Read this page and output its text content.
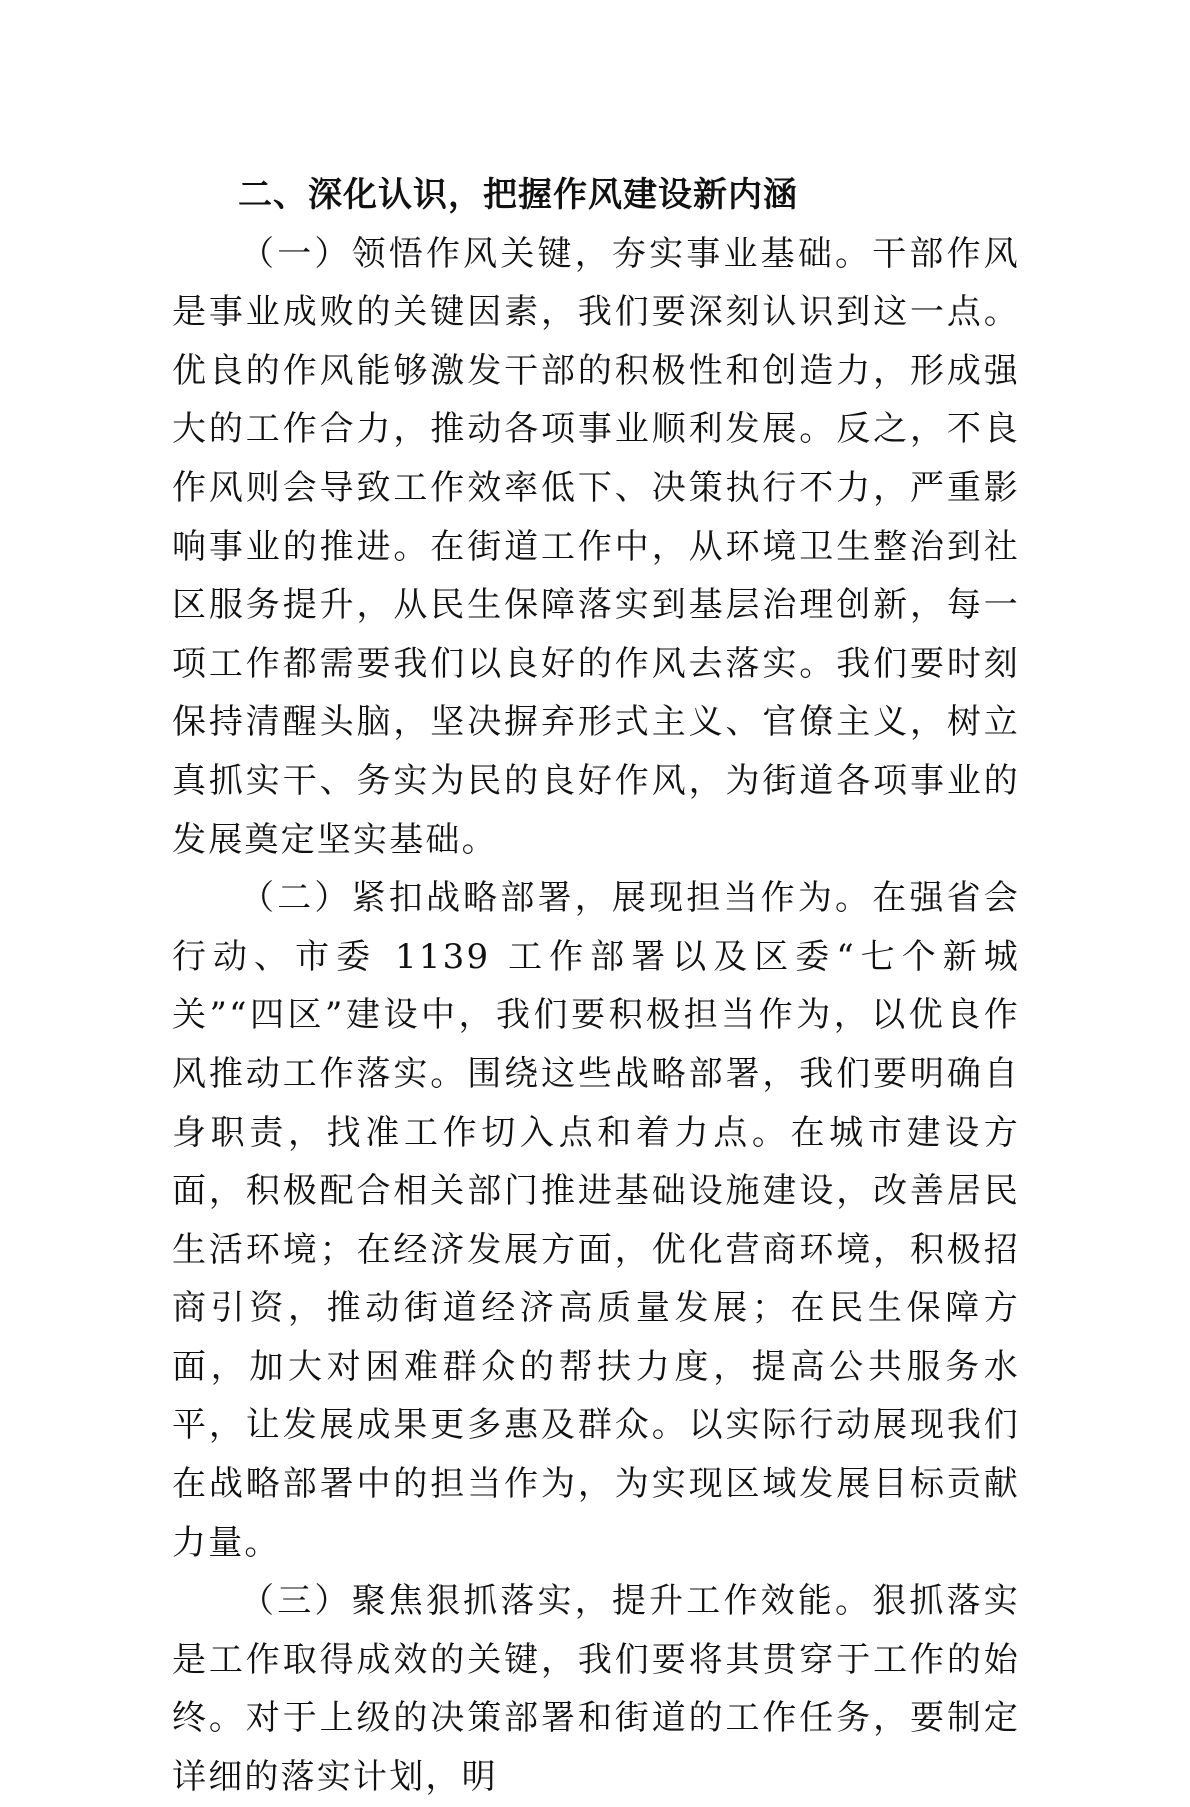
二、深化认识，把握作风建设新内涵

（一）领悟作风关键，夯实事业基础。干部作风是事业成败的关键因素，我们要深刻认识到这一点。优良的作风能够激发干部的积极性和创造力，形成强大的工作合力，推动各项事业顺利发展。反之，不良作风则会导致工作效率低下、决策执行不力，严重影响事业的推进。在街道工作中，从环境卫生整治到社区服务提升，从民生保障落实到基层治理创新，每一项工作都需要我们以良好的作风去落实。我们要时刻保持清醒头脑，坚决摒弃形式主义、官僚主义，树立真抓实干、务实为民的良好作风，为街道各项事业的发展奠定坚实基础。

（二）紧扣战略部署，展现担当作为。在强省会行动、市委 1139 工作部署以及区委“七个新城关”“四区”建设中，我们要积极担当作为，以优良作风推动工作落实。围绕这些战略部署，我们要明确自身职责，找准工作切入点和着力点。在城市建设方面，积极配合相关部门推进基础设施建设，改善居民生活环境；在经济发展方面，优化营商环境，积极招商引资，推动街道经济高质量发展；在民生保障方面，加大对困难群众的帮扶力度，提高公共服务水平，让发展成果更多惠及群众。以实际行动展现我们在战略部署中的担当作为，为实现区域发展目标贡献力量。

（三）聚焦狠抓落实，提升工作效能。狠抓落实是工作取得成效的关键，我们要将其贯穿于工作的始终。对于上级的决策部署和街道的工作任务，要制定详细的落实计划，明
